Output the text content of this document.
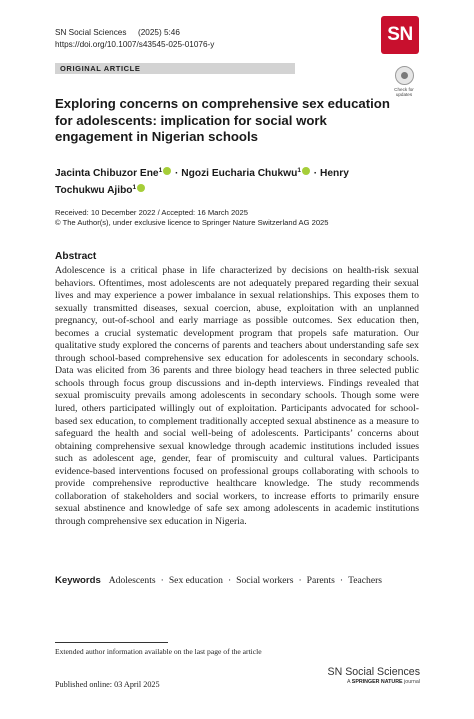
SN Social Sciences (2025) 5:46
https://doi.org/10.1007/s43545-025-01076-y	SN
ORIGINAL ARTICLE
Check for updates
Exploring concerns on comprehensive sex education for adolescents: implication for social work engagement in Nigerian schools
Jacinta Chibuzor Ene$^1$ · Ngozi Eucharia Chukwu$^1$ · Henry Tochukwu Ajibo$^1$
Received: 10 December 2022 / Accepted: 16 March 2025
© The Author(s), under exclusive licence to Springer Nature Switzerland AG 2025
Abstract
Adolescence is a critical phase in life characterized by decisions on health-risk sexual behaviors. Oftentimes, most adolescents are not adequately prepared regarding their sexual lives and may experience a power imbalance in sexual relationships. This exposes them to sexually transmitted diseases, sexual coercion, abuse, exploitation with an unplanned pregnancy, out-of-school and early marriage as possible outcomes. Sex education then, becomes a crucial systematic development program that propels safe maturation. Our qualitative study explored the concerns of parents and teachers about understanding safe sex through school-based comprehensive sex education for adolescents in secondary schools. Data was elicited from 36 parents and three biology head teachers in three selected public schools through focus group discussions and in-depth interviews. Findings revealed that sexual promiscuity prevails among adolescents in secondary schools. Though some were lured, others participated willingly out of exploitation. Participants advocated for school-based sex education, to complement traditionally accepted sexual abstinence as a measure to safeguard the health and social well-being of adolescents. Participants’ concerns about obtaining comprehensive sexual knowledge through academic institutions included issues such as adolescent age, gender, fear of promiscuity and cultural values. Participants evidence-based interventions focused on professional groups collaborating with schools to provide comprehensive reproductive healthcare knowledge. The study recommends collaboration of stakeholders and social workers, to increase efforts to primarily ensure sexual abstinence and knowledge of safe sex among adolescents in academic institutions through comprehensive sex education in Nigeria.
Keywords Adolescents · Sex education · Social workers · Parents · Teachers
Extended author information available on the last page of the article
Published online: 03 April 2025
SN Social Sciences
A SPRINGER NATURE journal
